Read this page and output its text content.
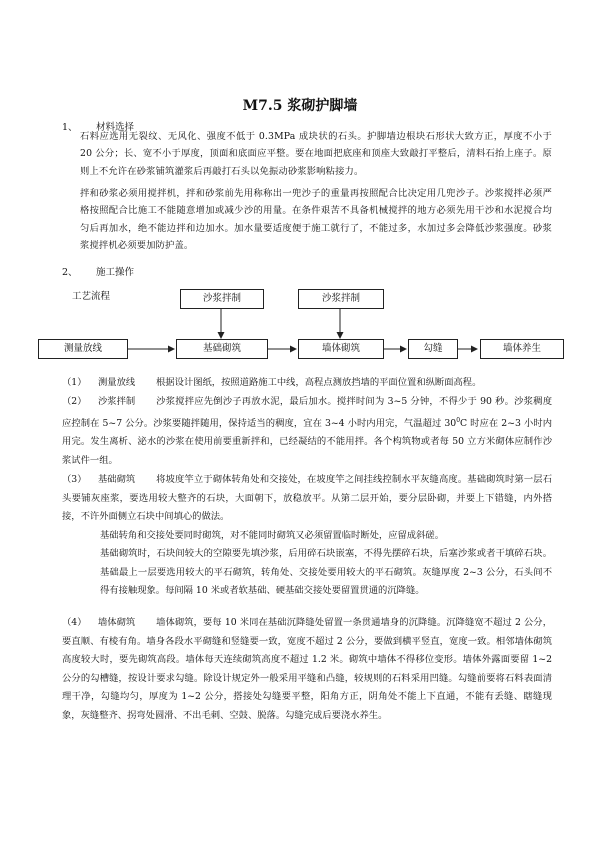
M7.5 浆砌护脚墙
1、 材料选择
石料应选用无裂纹、无风化、强度不低于 0.3MPa 成块状的石头。护脚墙边根块石形状大致方正，厚度不小于 20 公分；长、宽不小于厚度，顶面和底面应平整。要在地面把底座和顶座大致敲打平整后，清料石抬上座子。原则上不允许在砂浆铺筑灌浆后再敲打石头以免振动砂浆影响粘接力。
拌和砂浆必须用搅拌机，拌和砂浆前先用称称出一兜沙子的重量再按照配合比决定用几兜沙子。沙浆搅拌必须严格按照配合比施工不能随意增加或减少沙的用量。在条件艰苦不具备机械搅拌的地方必须先用干沙和水泥搅合均匀后再加水，绝不能边拌和边加水。加水量要适度便于施工就行了，不能过多，水加过多会降低沙浆强度。砂浆浆搅拌机必须要加防护盖。
2、 施工操作
工艺流程	沙浆拌制	沙浆拌制
测量放线	基础砌筑	墙体砌筑	勾缝	墙体养生
（1） 测量放线 根据设计图纸，按照道路施工中线，高程点测放挡墙的平面位置和纵断面高程。
（2） 沙浆拌制 沙浆搅拌应先倒沙子再放水泥，最后加水。搅拌时间为 3~5 分钟，不得少于 90 秒。沙浆稠度应控制在 5~7 公分。沙浆要随拌随用，保持适当的稠度，宜在 3~4 小时内用完，气温超过 $30^0C$ 时应在 2~3 小时内用完。发生离析、泌水的沙浆在使用前要重新拌和，已经凝结的不能用拌。各个构筑物或者每 50 立方米砌体应制作沙浆试件一组。
（3） 基础砌筑 将坡度竿立于砌体转角处和交接处，在坡度竿之间挂线控制水平灰缝高度。基础砌筑时第一层石头要铺灰座浆，要选用较大整齐的石块，大面朝下，放稳放平。从第二层开始，要分层卧砌，并要上下错缝，内外搭接，不许外面侧立石块中间填心的做法。
基础转角和交接处要同时砌筑，对不能同时砌筑又必须留置临时断处，应留成斜磋。
基础砌筑时，石块间较大的空隙要先填沙浆，后用碎石块嵌塞，不得先摆碎石块，后塞沙浆或者干填碎石块。基础最上一层要选用较大的平石砌筑，转角处、交接处要用较大的平石砌筑。灰缝厚度 2~3 公分，石头间不得有接触现象。每间隔 10 米或者软基础、硬基础交接处要留置贯通的沉降缝。
（4） 墙体砌筑 墙体砌筑，要每 10 米同在基础沉降缝处留置一条贯通墙身的沉降缝。沉降缝宽不超过 2 公分，要直顺、有棱有角。墙身各段水平砌缝和竖缝要一致，宽度不超过 2 公分，要做到横平竖直，宽度一致。相邻墙体砌筑高度较大时，要先砌筑高段。墙体每天连续砌筑高度不超过 1.2 米。砌筑中墙体不得移位变形。墙体外露面要留 1~2 公分的勾槽缝，按设计要求勾缝。除设计规定外一般采用平缝和凸缝，较规则的石料采用凹缝。勾缝前要将石料表面清理干净，勾缝均匀，厚度为 1~2 公分，搭接处勾缝要平整，阳角方正，阴角处不能上下直通，不能有丢缝、瞎缝现象，灰缝整齐、拐弯处圆滑、不出毛刺、空鼓、脱落。勾缝完成后要浇水养生。
